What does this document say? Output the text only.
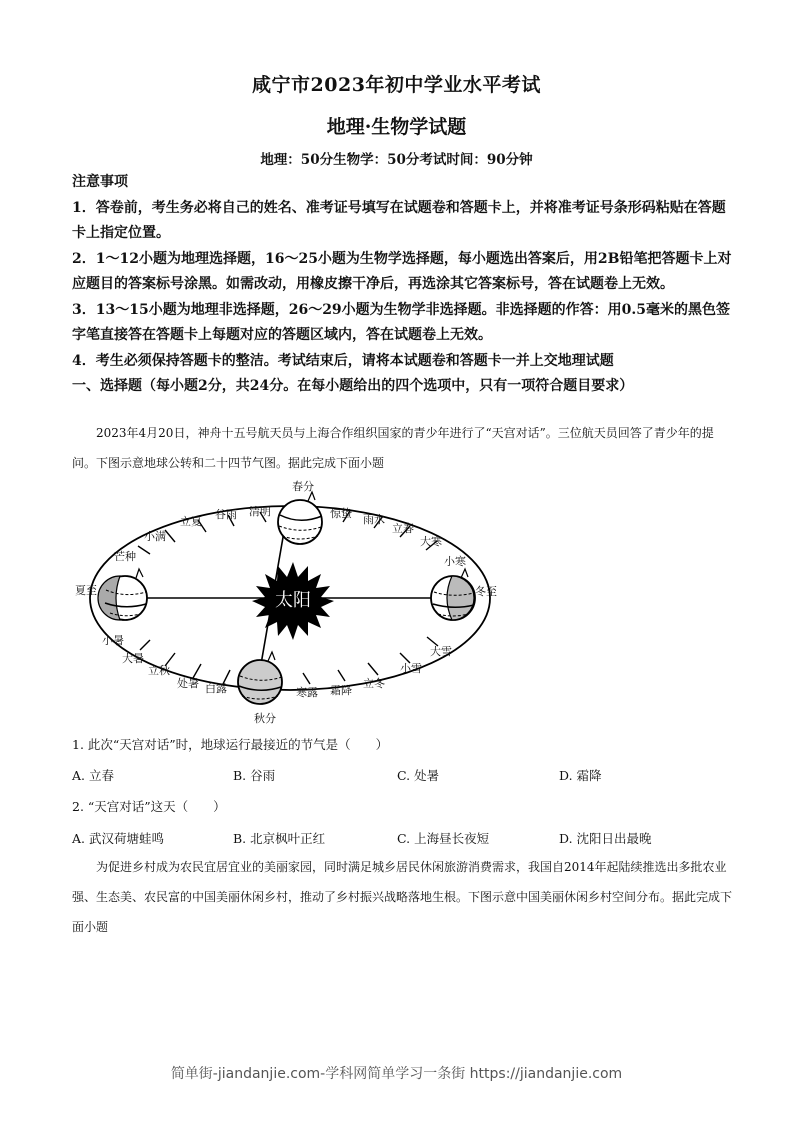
咸宁市2023年初中学业水平考试
地理·生物学试题
地理：50分生物学：50分考试时间：90分钟

注意事项

1．答卷前，考生务必将自己的姓名、准考证号填写在试题卷和答题卡上，并将准考证号条形码粘贴在答题卡上指定位置。

2．1～12小题为地理选择题，16～25小题为生物学选择题，每小题选出答案后，用2B铅笔把答题卡上对应题目的答案标号涂黑。如需改动，用橡皮擦干净后，再选涂其它答案标号，答在试题卷上无效。

3．13～15小题为地理非选择题，26～29小题为生物学非选择题。非选择题的作答：用0.5毫米的黑色签字笔直接答在答题卡上每题对应的答题区域内，答在试题卷上无效。

4．考生必须保持答题卡的整洁。考试结束后，请将本试题卷和答题卡一并上交地理试题

一、选择题（每小题2分，共24分。在每小题给出的四个选项中，只有一项符合题目要求）

2023年4月20日，神舟十五号航天员与上海合作组织国家的青少年进行了“天宫对话”。三位航天员回答了青少年的提问。下图示意地球公转和二十四节气图。据此完成下面小题

太阳
春分
清明
谷雨
立夏
小满
芒种
夏至
小暑
大暑
立秋
处暑 白露
秋分
寒露 霜降
立冬
小雪
大雪
冬至
小寒
大寒
立春
雨水
惊蛰
1. 此次“天宫对话”时，地球运行最接近的节气是（　　）
A. 立春	B. 谷雨	C. 处暑	D. 霜降
2. “天宫对话”这天（　　）
A. 武汉荷塘蛙鸣	B. 北京枫叶正红	C. 上海昼长夜短	D. 沈阳日出最晚

为促进乡村成为农民宜居宜业的美丽家园，同时满足城乡居民休闲旅游消费需求，我国自2014年起陆续推选出多批农业强、生态美、农民富的中国美丽休闲乡村，推动了乡村振兴战略落地生根。下图示意中国美丽休闲乡村空间分布。据此完成下面小题

简单街-jiandanjie.com-学科网简单学习一条街 https://jiandanjie.com
